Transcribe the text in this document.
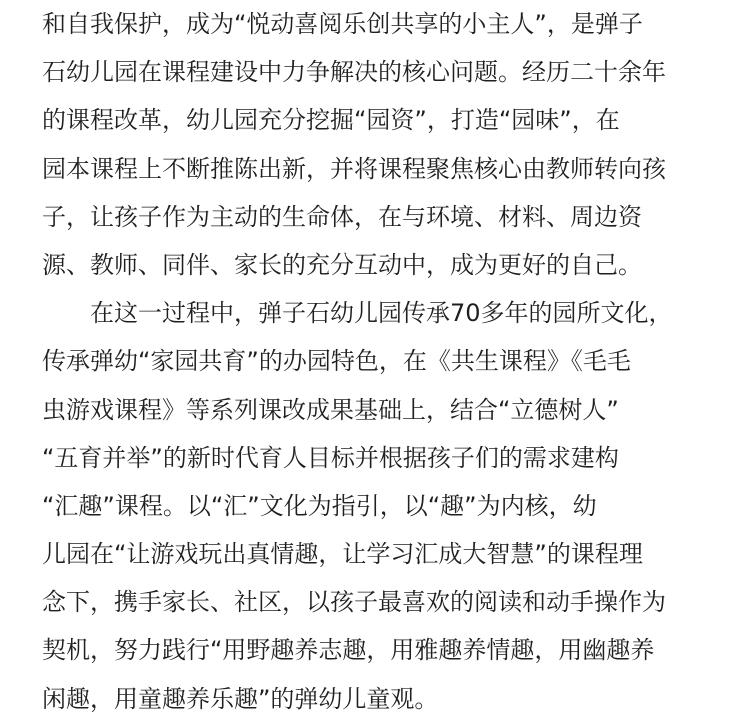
和自我保护，成为“悦动喜阅乐创共享的小主人”，是弹子
石幼儿园在课程建设中力争解决的核心问题。经历二十余年
的课程改革，幼儿园充分挖掘“园资”，打造“园味”，在
园本课程上不断推陈出新，并将课程聚焦核心由教师转向孩
子，让孩子作为主动的生命体，在与环境、材料、周边资
源、教师、同伴、家长的充分互动中，成为更好的自己。
在这一过程中，弹子石幼儿园传承70多年的园所文化，
传承弹幼“家园共育”的办园特色，在《共生课程》《毛毛
虫游戏课程》等系列课改成果基础上，结合“立德树人”
“五育并举”的新时代育人目标并根据孩子们的需求建构
“汇趣”课程。以“汇”文化为指引，以“趣”为内核，幼
儿园在“让游戏玩出真情趣，让学习汇成大智慧”的课程理
念下，携手家长、社区，以孩子最喜欢的阅读和动手操作为
契机，努力践行“用野趣养志趣，用雅趣养情趣，用幽趣养
闲趣，用童趣养乐趣”的弹幼儿童观。
